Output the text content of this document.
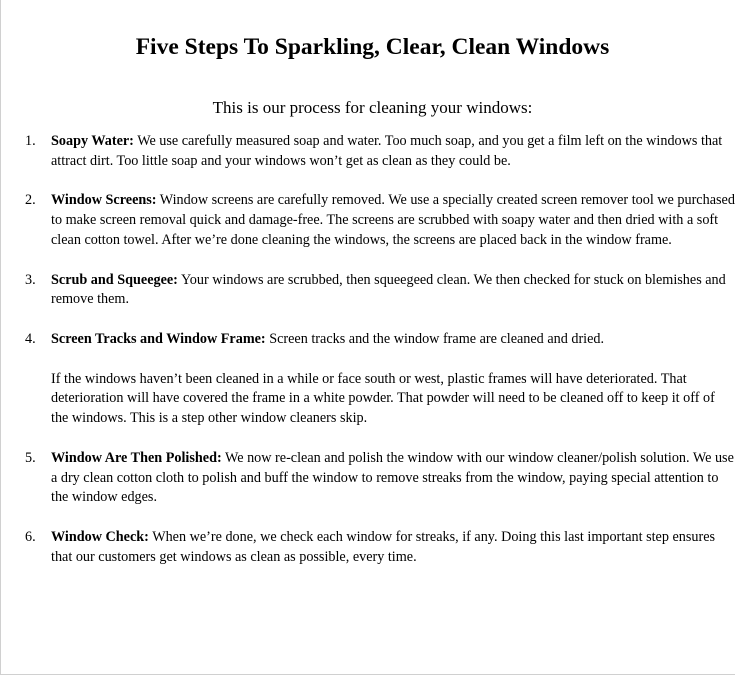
Five Steps To Sparkling, Clear, Clean Windows

This is our process for cleaning your windows:

1. Soapy Water: We use carefully measured soap and water. Too much soap, and you get a film left on the windows that attract dirt. Too little soap and your windows won’t get as clean as they could be.

2. Window Screens: Window screens are carefully removed. We use a specially created screen remover tool we purchased to make screen removal quick and damage-free. The screens are scrubbed with soapy water and then dried with a soft clean cotton towel. After we’re done cleaning the windows, the screens are placed back in the window frame.

3. Scrub and Squeegee: Your windows are scrubbed, then squeegeed clean. We then checked for stuck on blemishes and remove them.

4. Screen Tracks and Window Frame: Screen tracks and the window frame are cleaned and dried.

If the windows haven’t been cleaned in a while or face south or west, plastic frames will have deteriorated. That deterioration will have covered the frame in a white powder. That powder will need to be cleaned off to keep it off of the windows. This is a step other window cleaners skip.

5. Window Are Then Polished: We now re-clean and polish the window with our window cleaner/polish solution. We use a dry clean cotton cloth to polish and buff the window to remove streaks from the window, paying special attention to the window edges.

6. Window Check: When we’re done, we check each window for streaks, if any. Doing this last important step ensures that our customers get windows as clean as possible, every time.
